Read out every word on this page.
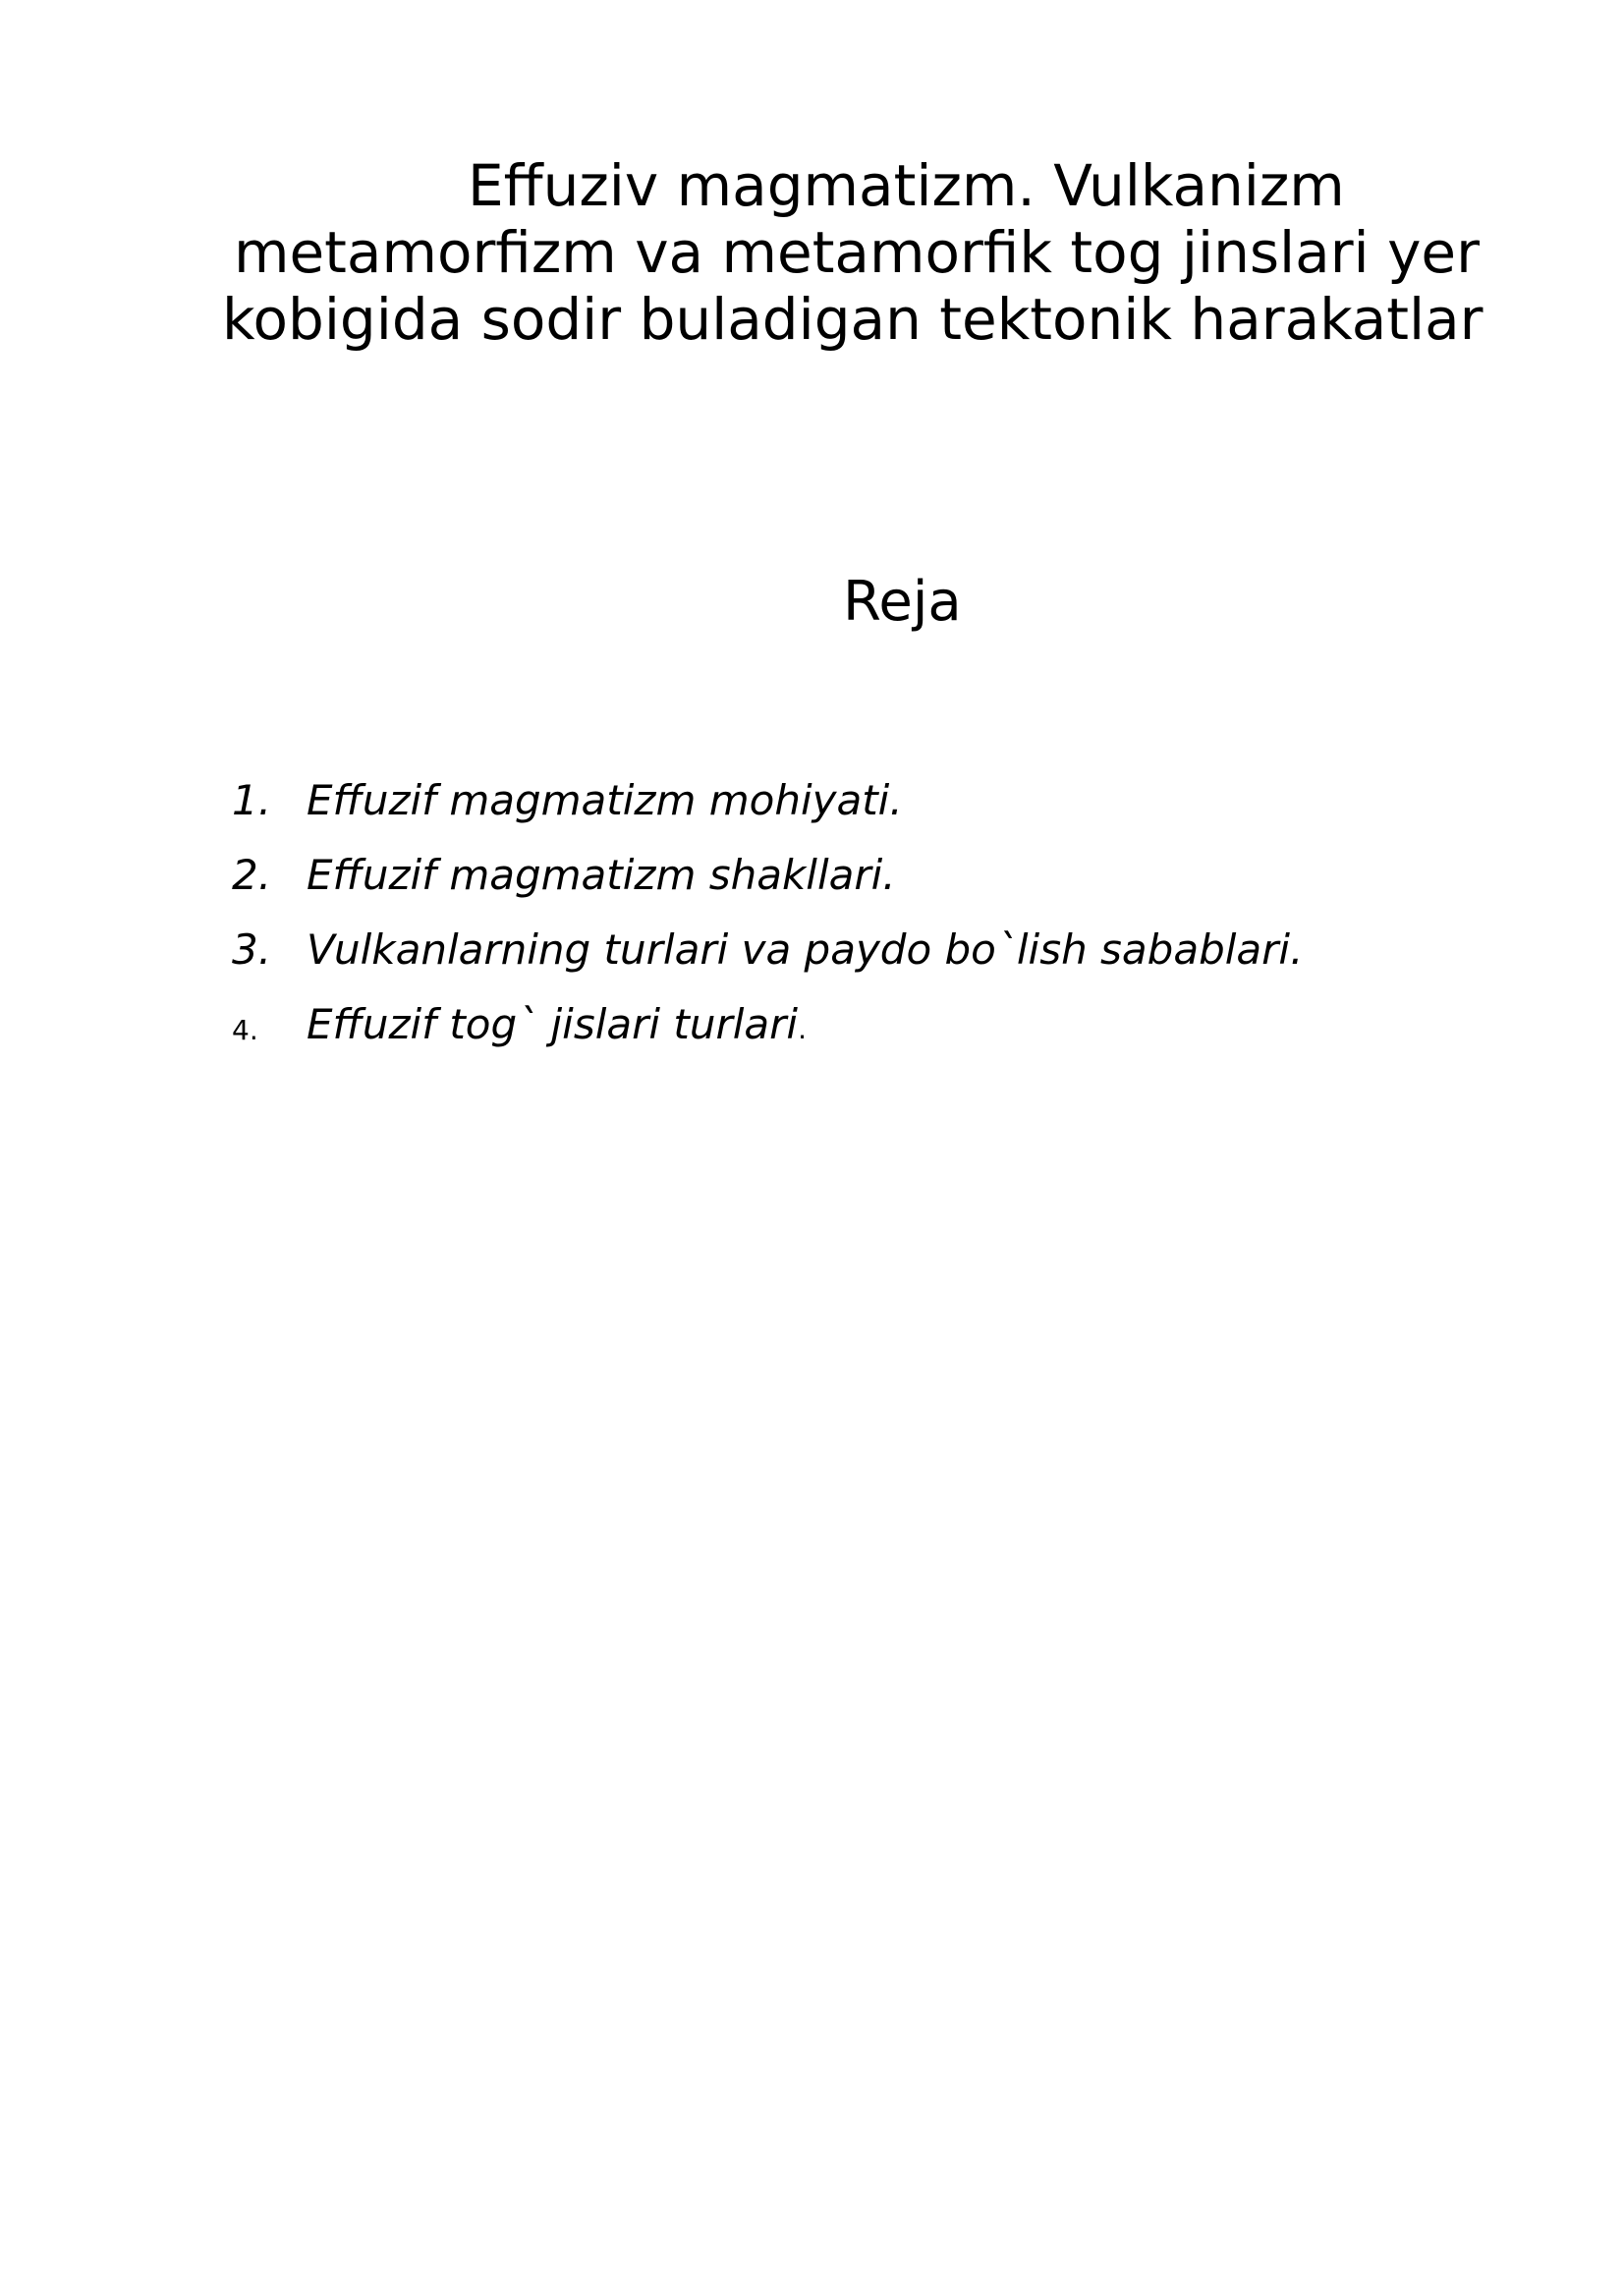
Effuziv magmatizm. Vulkanizm
metamorfizm va metamorfik tog jinslari yer
kobigida sodir buladigan tektonik harakatlar
Reja
1. Effuzif magmatizm mohiyati.
2. Effuzif magmatizm shakllari.
3. Vulkanlarning turlari va paydo bo`lish sabablari.
4.	Effuzif tog` jislari turlari.
